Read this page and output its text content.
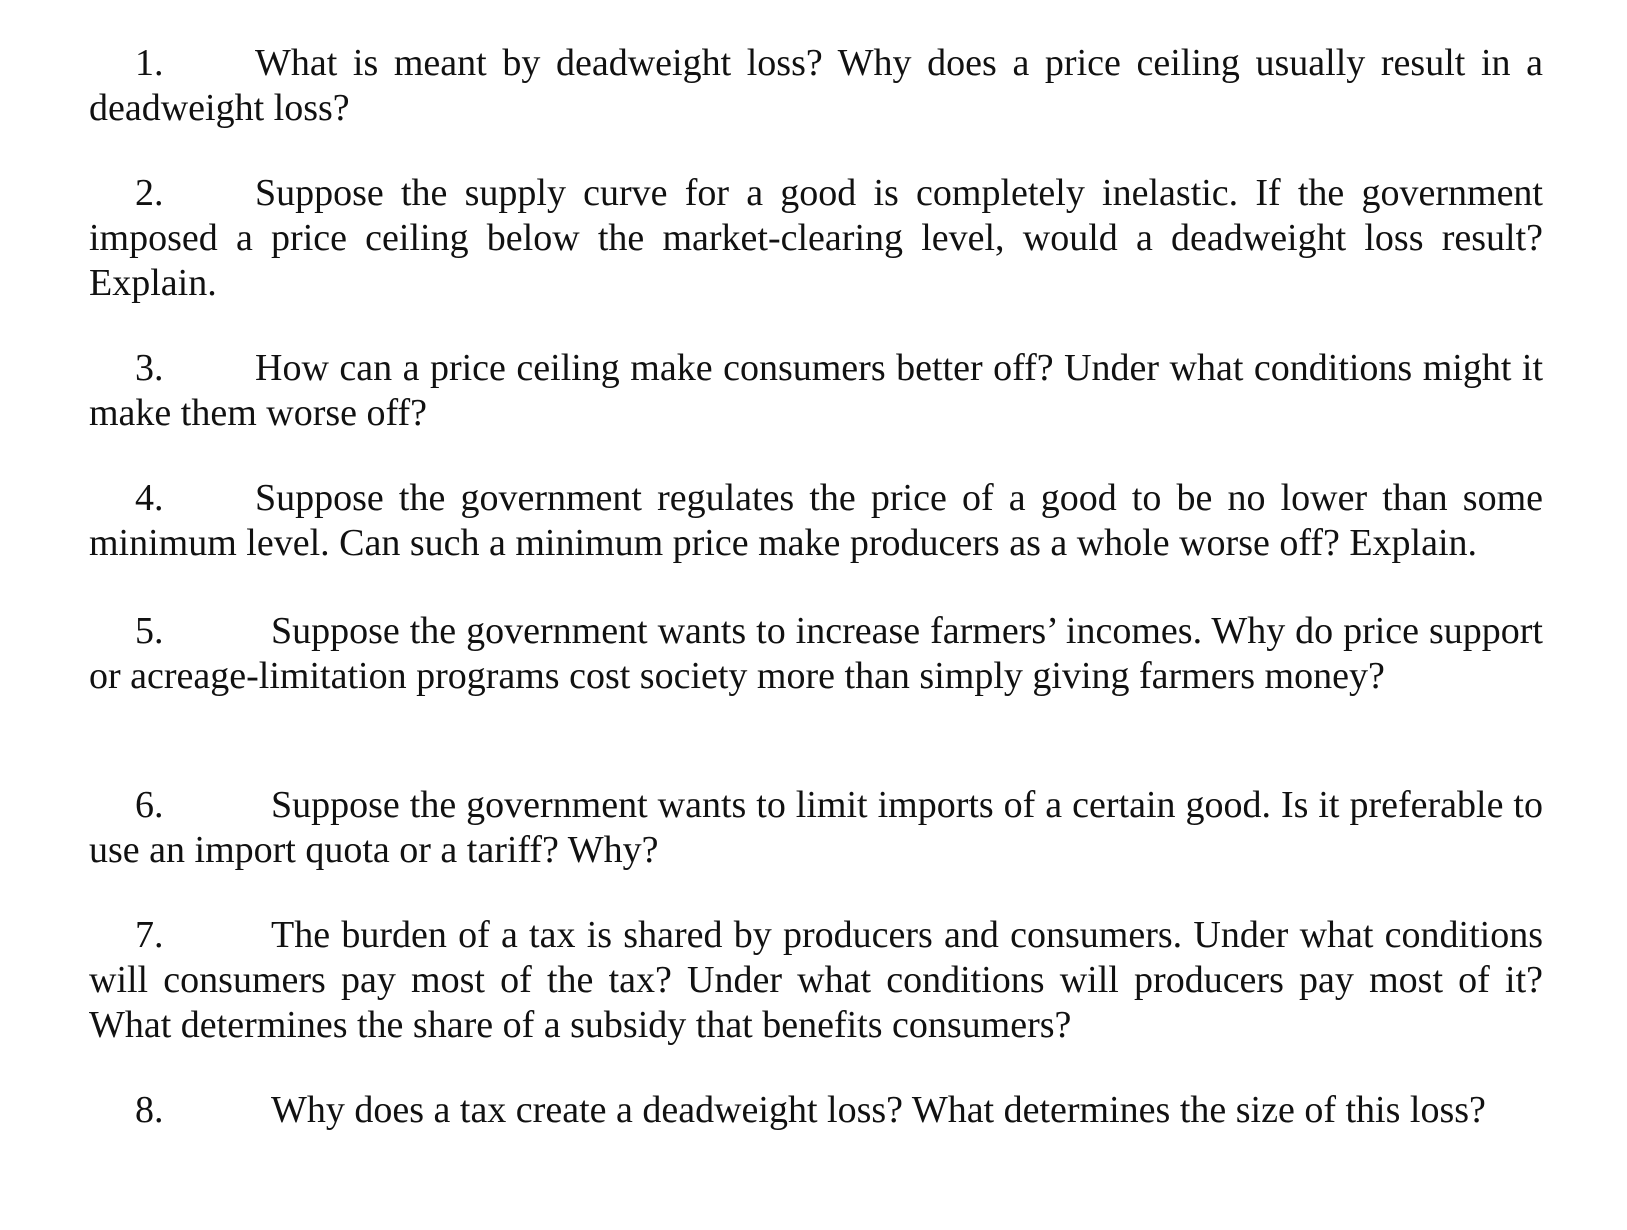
1. What is meant by deadweight loss? Why does a price ceiling usually result in a deadweight loss?

2. Suppose the supply curve for a good is completely inelastic. If the government imposed a price ceiling below the market-clearing level, would a deadweight loss result? Explain.

3. How can a price ceiling make consumers better off? Under what conditions might it make them worse off?

4. Suppose the government regulates the price of a good to be no lower than some minimum level. Can such a minimum price make producers as a whole worse off? Explain.

5.	Suppose the government wants to increase farmers’ incomes. Why do price support or acreage-limitation programs cost society more than simply giving farmers money?

6.	Suppose the government wants to limit imports of a certain good. Is it preferable to use an import quota or a tariff? Why?

7.	The burden of a tax is shared by producers and consumers. Under what conditions will consumers pay most of the tax? Under what conditions will producers pay most of it? What determines the share of a subsidy that benefits consumers?

8.	Why does a tax create a deadweight loss? What determines the size of this loss?
